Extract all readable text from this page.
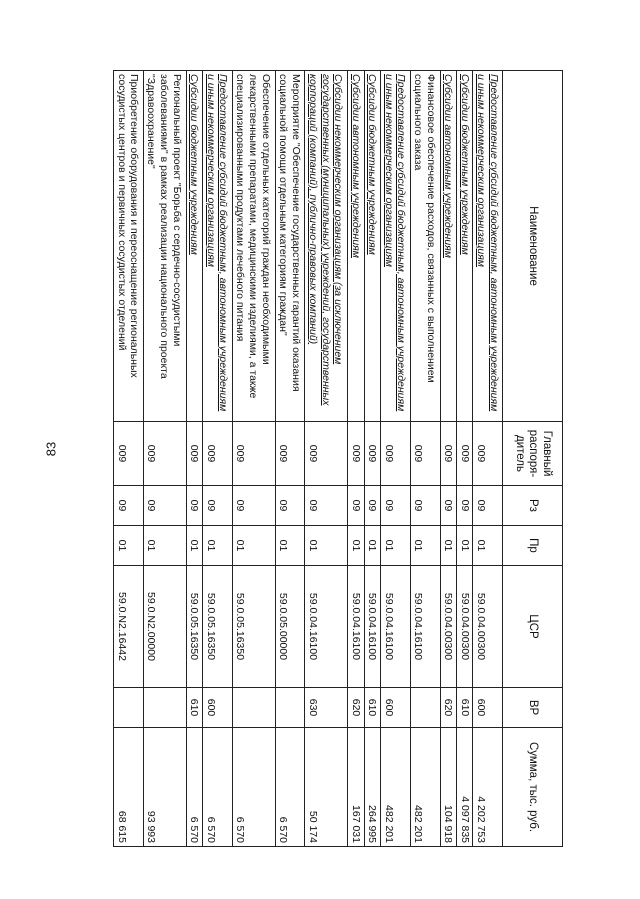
83
Наименование	Главный распоря-дитель	Рз	Пр	ЦСР	ВР	Сумма, тыс. руб.
Предоставление субсидий бюджетным, автономным учреждениям и иным некоммерческим организациям	009	09	01	59.0.04.00300	600	4 202 753
Субсидии бюджетным учреждениям	009	09	01	59.0.04.00300	610	4 097 835
Субсидии автономным учреждениям	009	09	01	59.0.04.00300	620	104 918
Финансовое обеспечение расходов, связанных с выполнением социального заказа	009	09	01	59.0.04.16100		482 201
Предоставление субсидий бюджетным, автономным учреждениям и иным некоммерческим организациям	009	09	01	59.0.04.16100	600	482 201
Субсидии бюджетным учреждениям	009	09	01	59.0.04.16100	610	264 995
Субсидии автономным учреждениям	009	09	01	59.0.04.16100	620	167 031
Субсидии некоммерческим организациям (за исключением государственных (муниципальных) учреждений, государственных корпораций (компаний), публично-правовых компаний)	009	09	01	59.0.04.16100	630	50 174
Мероприятие "Обеспечение государственных гарантий оказания социальной помощи отдельным категориям граждан"	009	09	01	59.0.05.00000		6 570
Обеспечение отдельных категорий граждан необходимыми лекарственными препаратами, медицинскими изделиями, а также специализированными продуктами лечебного питания	009	09	01	59.0.05.16350		6 570
Предоставление субсидий бюджетным, автономным учреждениям и иным некоммерческим организациям	009	09	01	59.0.05.16350	600	6 570
Субсидии бюджетным учреждениям	009	09	01	59.0.05.16350	610	6 570
Региональный проект "Борьба с сердечно-сосудистыми заболеваниями" в рамках реализации национального проекта "Здравоохранение"	009	09	01	59.0.N2.00000		93 993
Приобретение оборудования и переоснащение региональных сосудистых центров и первичных сосудистых отделений	009	09	01	59.0.N2.16442		68 615
